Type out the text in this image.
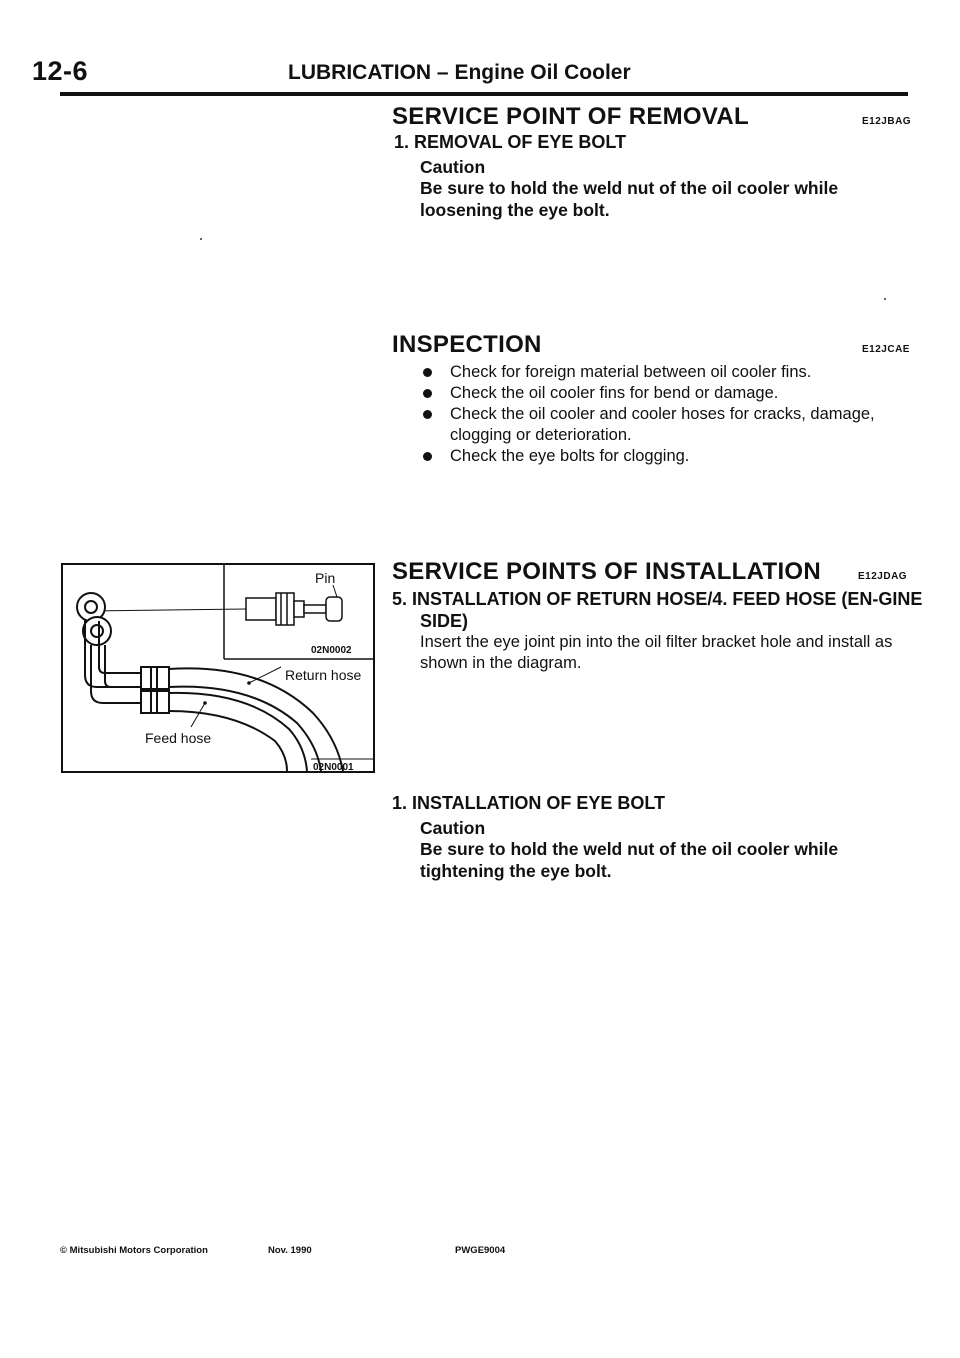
12-6	LUBRICATION – Engine Oil Cooler
SERVICE POINT OF REMOVAL	E12JBAG
1. REMOVAL OF EYE BOLT
Caution
Be sure to hold the weld nut of the oil cooler while loosening the eye bolt.
INSPECTION	E12JCAE
Check for foreign material between oil cooler fins.
Check the oil cooler fins for bend or damage.
Check the oil cooler and cooler hoses for cracks, damage, clogging or deterioration.
Check the eye bolts for clogging.
SERVICE POINTS OF INSTALLATION	E12JDAG
5. INSTALLATION OF RETURN HOSE/4. FEED HOSE (EN-GINE SIDE)
Insert the eye joint pin into the oil filter bracket hole and install as shown in the diagram.
1. INSTALLATION OF EYE BOLT
Caution
Be sure to hold the weld nut of the oil cooler while tightening the eye bolt.
Pin
02N0002
Return hose
Feed hose
02N0001
© Mitsubishi Motors Corporation	Nov. 1990	PWGE9004
